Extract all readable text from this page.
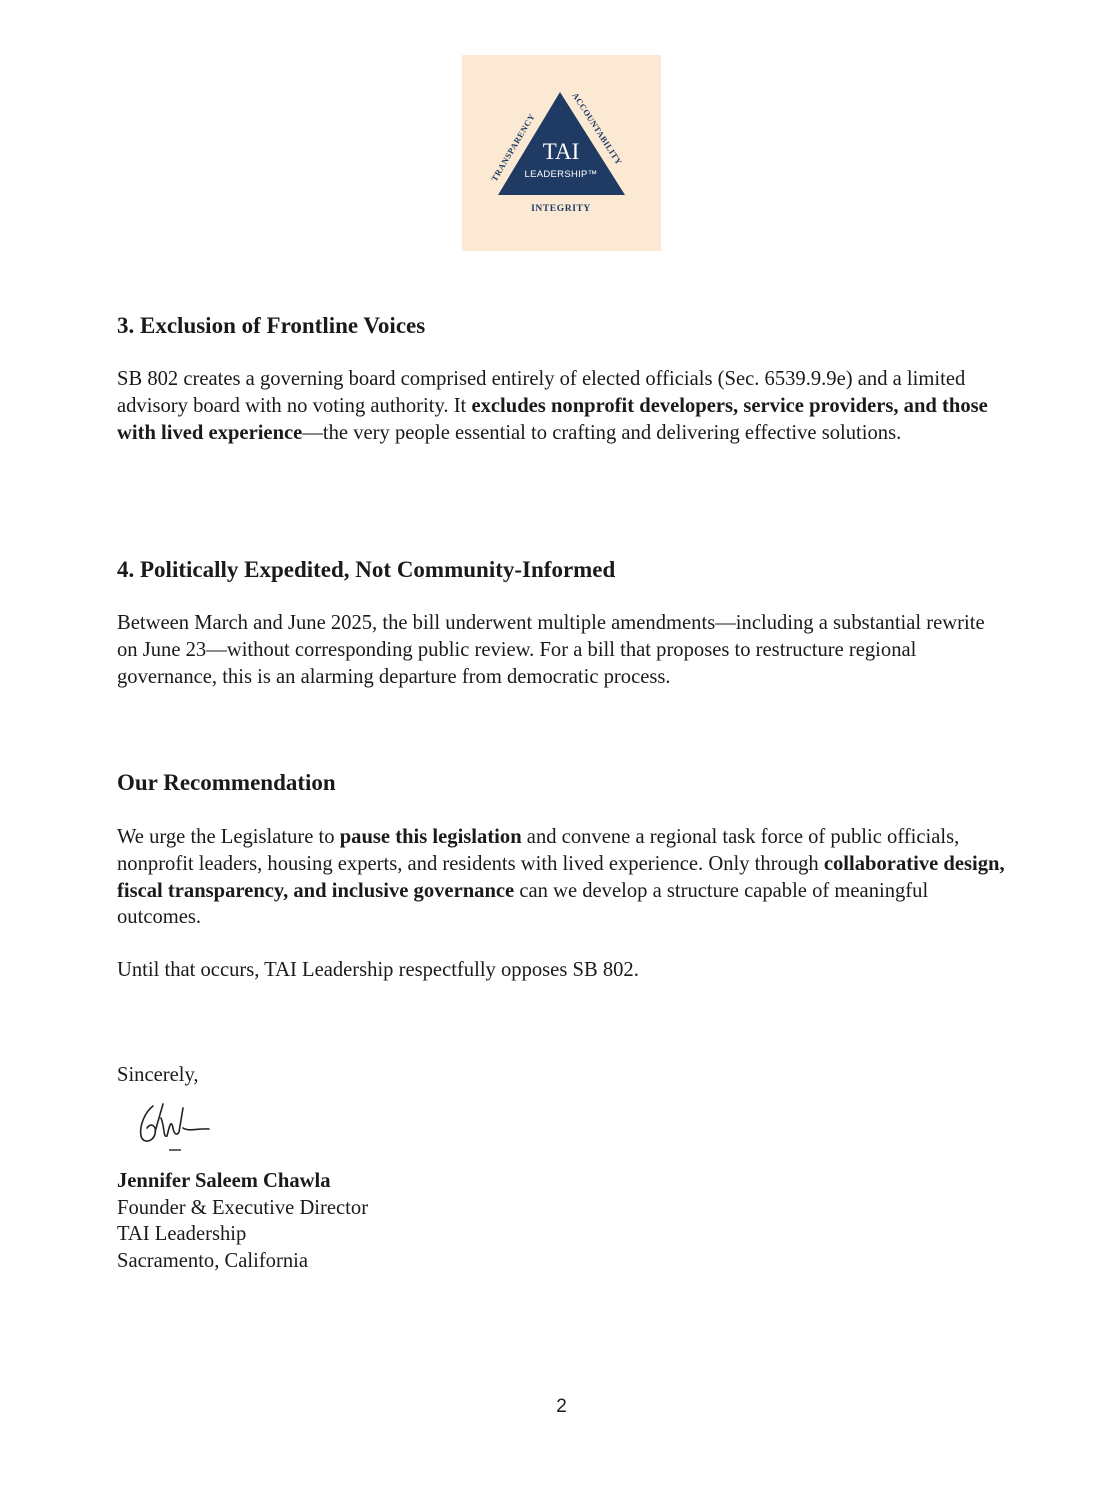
TAI
LEADERSHIP™
TRANSPARENCY
ACCOUNTABILITY
INTEGRITY
3. Exclusion of Frontline Voices

SB 802 creates a governing board comprised entirely of elected officials (Sec. 6539.9.9e) and a limited advisory board with no voting authority. It excludes nonprofit developers, service providers, and those with lived experience—the very people essential to crafting and delivering effective solutions.

4. Politically Expedited, Not Community-Informed

Between March and June 2025, the bill underwent multiple amendments—including a substantial rewrite on June 23—without corresponding public review. For a bill that proposes to restructure regional governance, this is an alarming departure from democratic process.

Our Recommendation

We urge the Legislature to pause this legislation and convene a regional task force of public officials, nonprofit leaders, housing experts, and residents with lived experience. Only through collaborative design, fiscal transparency, and inclusive governance can we develop a structure capable of meaningful outcomes.

Until that occurs, TAI Leadership respectfully opposes SB 802.

Sincerely,
Jennifer Saleem Chawla
Founder & Executive Director
TAI Leadership
Sacramento, California
2
